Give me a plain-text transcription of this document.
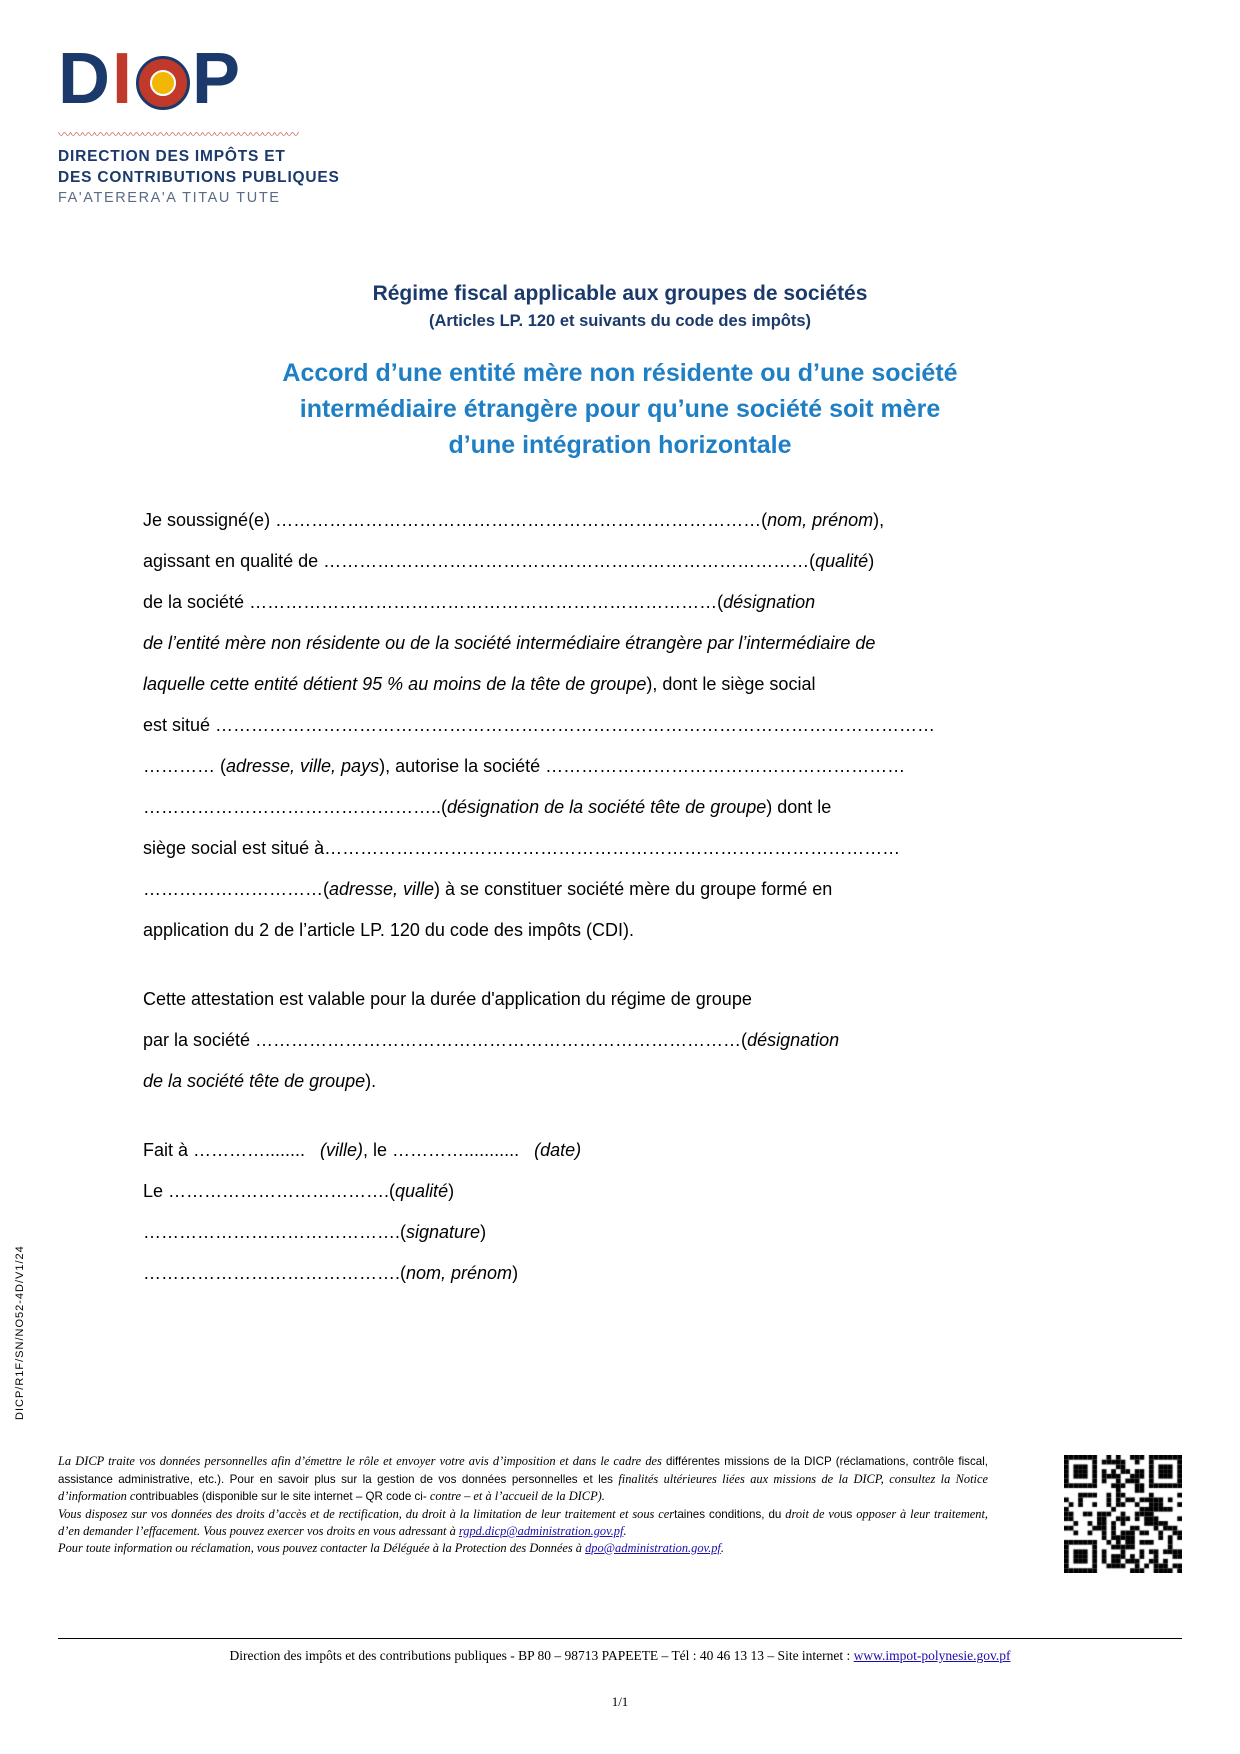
D I P
〰〰〰〰〰〰〰〰〰〰〰〰〰〰〰〰〰〰〰〰
DIRECTION DES IMPÔTS ET
DES CONTRIBUTIONS PUBLIQUES
FA'ATERERA'A TITAU TUTE
Régime fiscal applicable aux groupes de sociétés
(Articles LP. 120 et suivants du code des impôts)
Accord d’une entité mère non résidente ou d’une société
intermédiaire étrangère pour qu’une société soit mère
d’une intégration horizontale

Je soussigné(e) ………………………………………………………………………(nom, prénom),

agissant en qualité de ………………………………………………………………………(qualité)

de la société ……………………………………………………………………(désignation

de l’entité mère non résidente ou de la société intermédiaire étrangère par l’intermédiaire de

laquelle cette entité détient 95 % au moins de la tête de groupe), dont le siège social

est situé …………………………………………………………………………………………………………

………… (adresse, ville, pays), autorise la société ……………………………………………………

…………………………………………..(désignation de la société tête de groupe) dont le

siège social est situé à……………………………………………………………………………………

…………………………(adresse, ville) à se constituer société mère du groupe formé en

application du 2 de l’article LP. 120 du code des impôts (CDI).

Cette attestation est valable pour la durée d'application du régime de groupe

par la société ………………………………………………………………………(désignation

de la société tête de groupe).

Fait à …………........ (ville), le …………........... (date)

Le ……………………………….(qualité)

…………………………………….(signature)

…………………………………….(nom, prénom)

DICP/R1F/SN/NO52-4D/V1/24
La DICP traite vos données personnelles afin d’émettre le rôle et envoyer votre avis d’imposition et dans le cadre des différentes missions de la DICP (réclamations, contrôle fiscal, assistance administrative, etc.). Pour en savoir plus sur la gestion de vos données personnelles et les finalités ultérieures liées aux missions de la DICP, consultez la Notice d’information contribuables (disponible sur le site internet – QR code ci- contre – et à l’accueil de la DICP).
Vous disposez sur vos données des droits d’accès et de rectification, du droit à la limitation de leur traitement et sous certaines conditions, du droit de vous opposer à leur traitement, d’en demander l’effacement. Vous pouvez exercer vos droits en vous adressant à rgpd.dicp@administration.gov.pf.
Pour toute information ou réclamation, vous pouvez contacter la Déléguée à la Protection des Données à dpo@administration.gov.pf.
Direction des impôts et des contributions publiques - BP 80 – 98713 PAPEETE – Tél : 40 46 13 13 – Site internet : www.impot-polynesie.gov.pf
1/1
